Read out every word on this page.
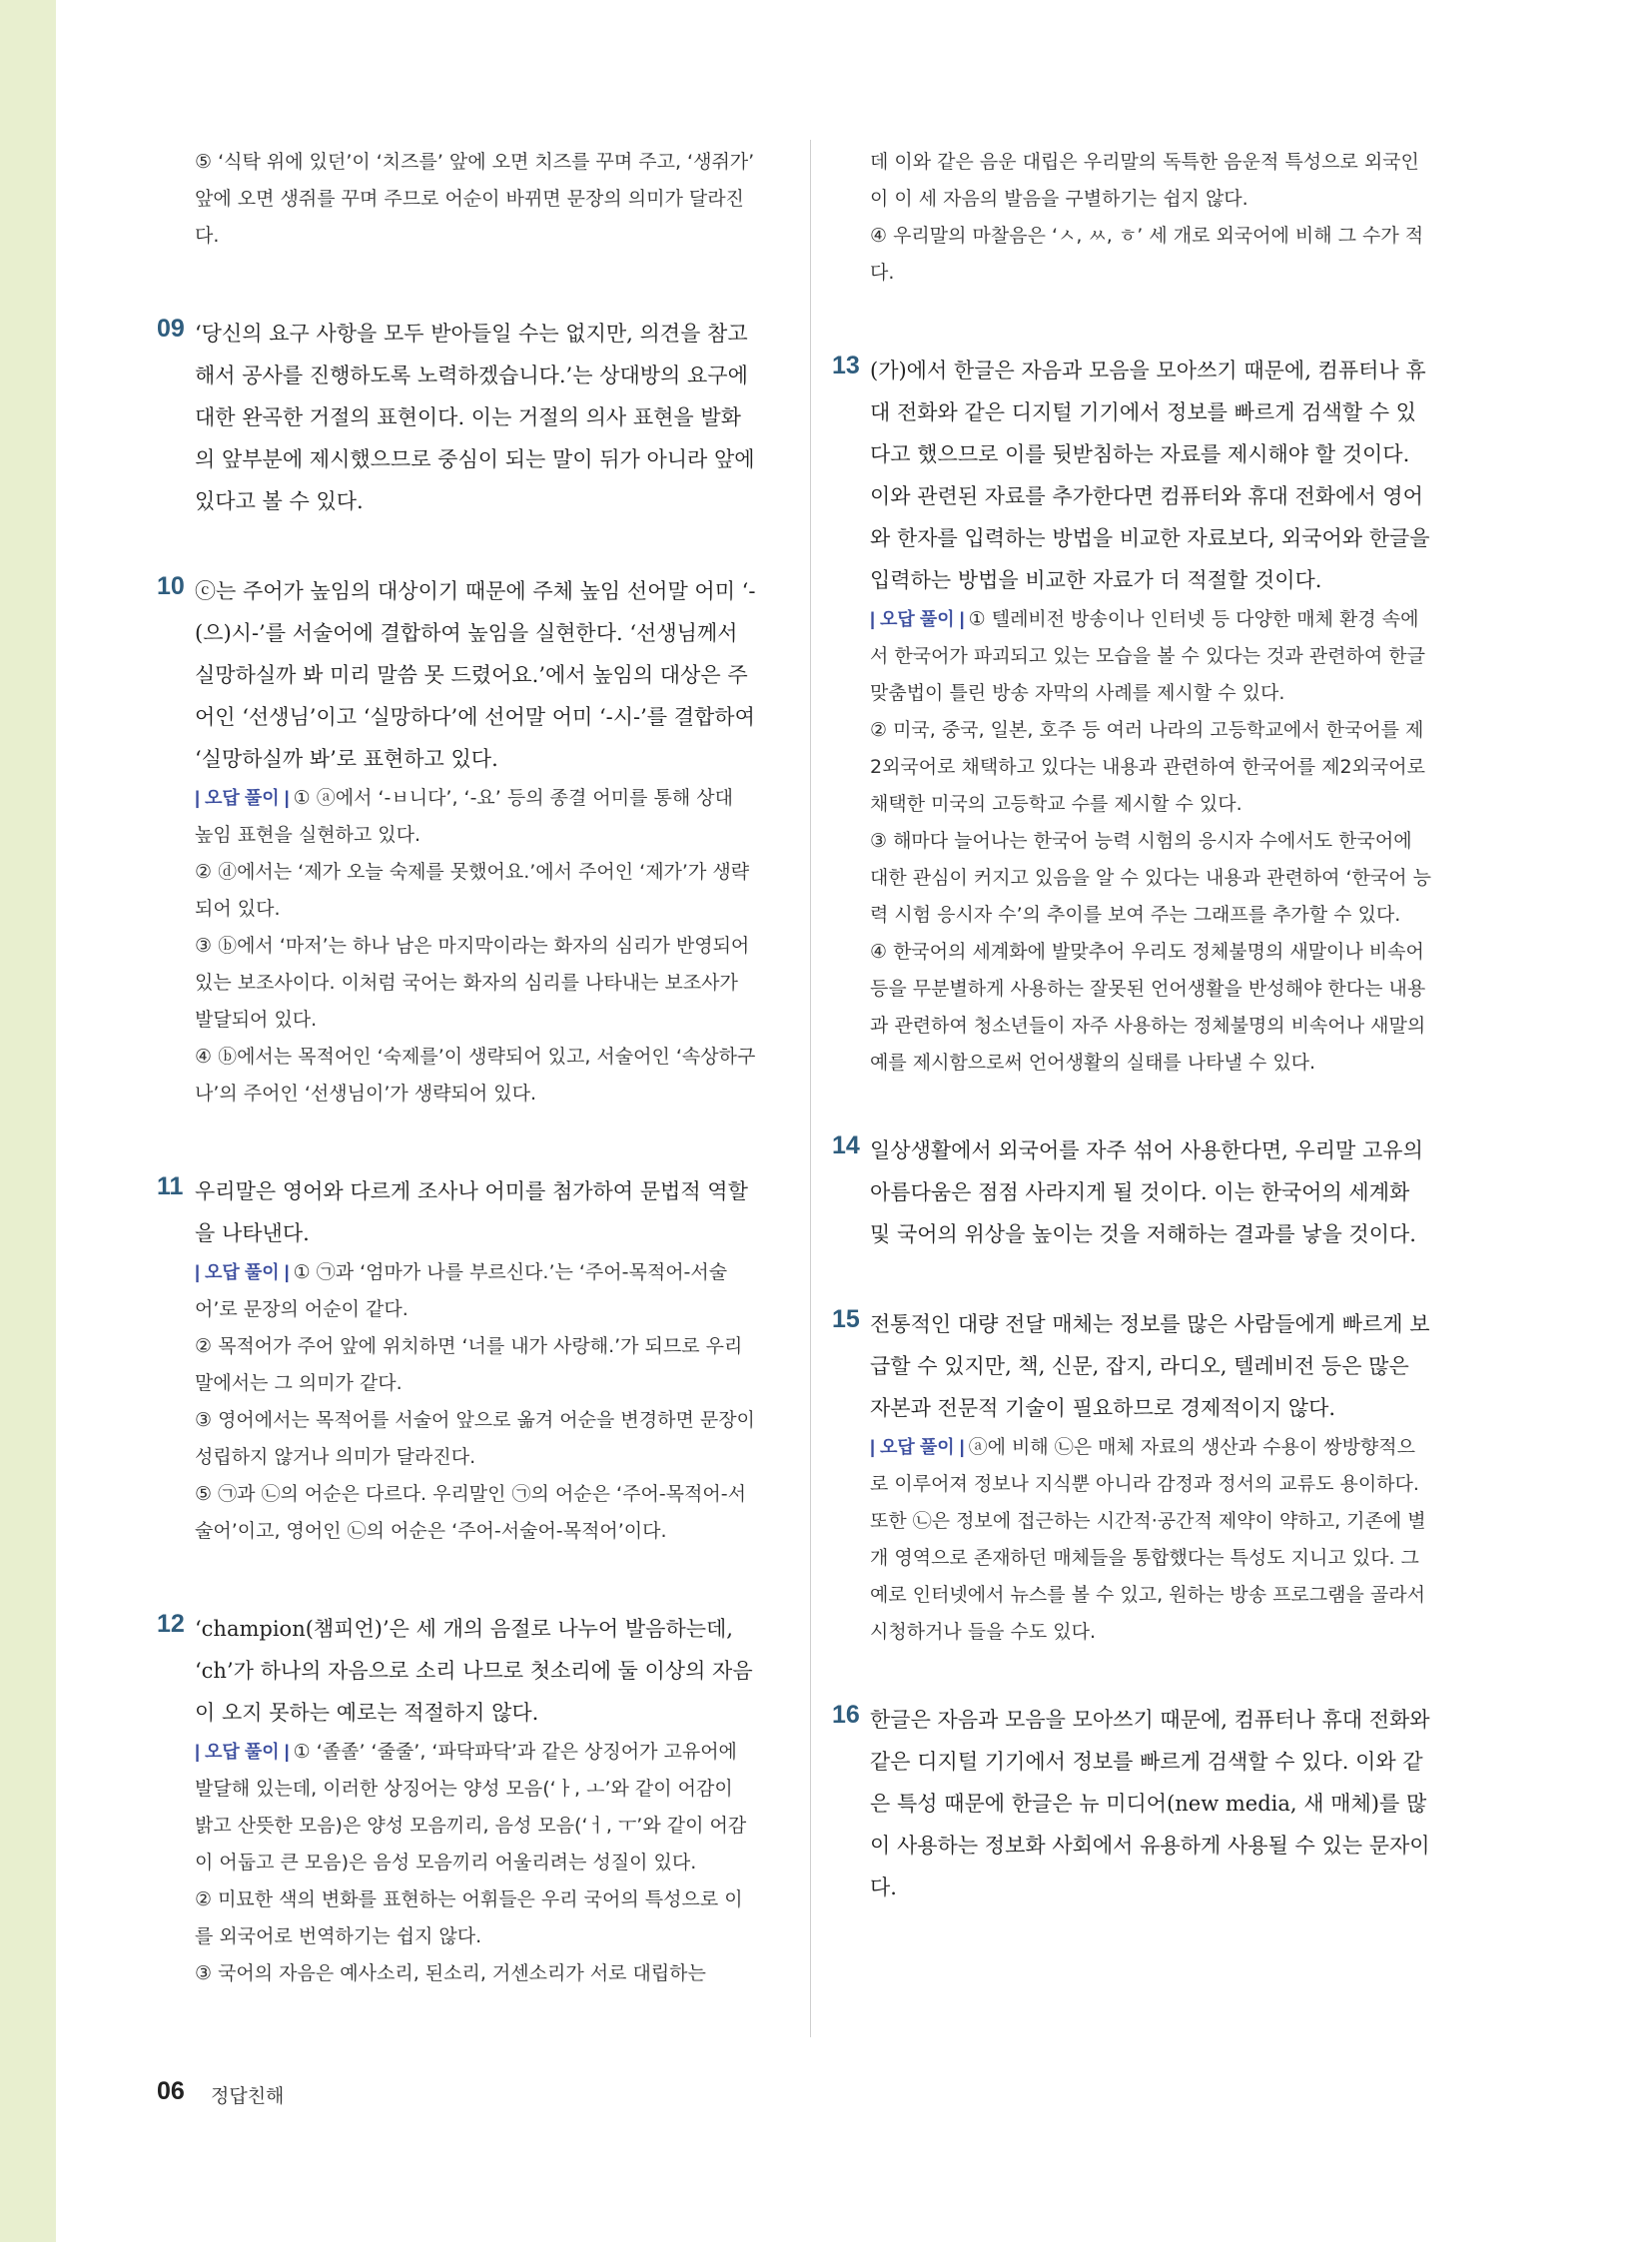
⑤ ‘식탁 위에 있던’이 ‘치즈를’ 앞에 오면 치즈를 꾸며 주고, ‘생쥐가’ 앞에 오면 생쥐를 꾸며 주므로 어순이 바뀌면 문장의 의미가 달라진다.

09 ‘당신의 요구 사항을 모두 받아들일 수는 없지만, 의견을 참고해서 공사를 진행하도록 노력하겠습니다.’는 상대방의 요구에 대한 완곡한 거절의 표현이다. 이는 거절의 의사 표현을 발화의 앞부분에 제시했으므로 중심이 되는 말이 뒤가 아니라 앞에 있다고 볼 수 있다.
10 ⓒ는 주어가 높임의 대상이기 때문에 주체 높임 선어말 어미 ‘-(으)시-’를 서술어에 결합하여 높임을 실현한다. ‘선생님께서 실망하실까 봐 미리 말씀 못 드렸어요.’에서 높임의 대상은 주어인 ‘선생님’이고 ‘실망하다’에 선어말 어미 ‘-시-’를 결합하여 ‘실망하실까 봐’로 표현하고 있다.
| 오답 풀이 | ① ⓐ에서 ‘-ㅂ니다’, ‘-요’ 등의 종결 어미를 통해 상대 높임 표현을 실현하고 있다.
② ⓓ에서는 ‘제가 오늘 숙제를 못했어요.’에서 주어인 ‘제가’가 생략되어 있다.
③ ⓑ에서 ‘마저’는 하나 남은 마지막이라는 화자의 심리가 반영되어 있는 보조사이다. 이처럼 국어는 화자의 심리를 나타내는 보조사가 발달되어 있다.
④ ⓑ에서는 목적어인 ‘숙제를’이 생략되어 있고, 서술어인 ‘속상하구나’의 주어인 ‘선생님이’가 생략되어 있다.
11 우리말은 영어와 다르게 조사나 어미를 첨가하여 문법적 역할을 나타낸다.
| 오답 풀이 | ① ㉠과 ‘엄마가 나를 부르신다.’는 ‘주어-목적어-서술어’로 문장의 어순이 같다.
② 목적어가 주어 앞에 위치하면 ‘너를 내가 사랑해.’가 되므로 우리말에서는 그 의미가 같다.
③ 영어에서는 목적어를 서술어 앞으로 옮겨 어순을 변경하면 문장이 성립하지 않거나 의미가 달라진다.
⑤ ㉠과 ㉡의 어순은 다르다. 우리말인 ㉠의 어순은 ‘주어-목적어-서술어’이고, 영어인 ㉡의 어순은 ‘주어-서술어-목적어’이다.
12 ‘champion(챔피언)’은 세 개의 음절로 나누어 발음하는데, ‘ch’가 하나의 자음으로 소리 나므로 첫소리에 둘 이상의 자음이 오지 못하는 예로는 적절하지 않다.
| 오답 풀이 | ① ‘졸졸’ ‘줄줄’, ‘파닥파닥’과 같은 상징어가 고유어에 발달해 있는데, 이러한 상징어는 양성 모음(‘ㅏ, ㅗ’와 같이 어감이 밝고 산뜻한 모음)은 양성 모음끼리, 음성 모음(‘ㅓ, ㅜ’와 같이 어감이 어둡고 큰 모음)은 음성 모음끼리 어울리려는 성질이 있다.
② 미묘한 색의 변화를 표현하는 어휘들은 우리 국어의 특성으로 이를 외국어로 번역하기는 쉽지 않다.
③ 국어의 자음은 예사소리, 된소리, 거센소리가 서로 대립하는
데 이와 같은 음운 대립은 우리말의 독특한 음운적 특성으로 외국인이 이 세 자음의 발음을 구별하기는 쉽지 않다.
④ 우리말의 마찰음은 ‘ㅅ, ㅆ, ㅎ’ 세 개로 외국어에 비해 그 수가 적다.
13 (가)에서 한글은 자음과 모음을 모아쓰기 때문에, 컴퓨터나 휴대 전화와 같은 디지털 기기에서 정보를 빠르게 검색할 수 있다고 했으므로 이를 뒷받침하는 자료를 제시해야 할 것이다. 이와 관련된 자료를 추가한다면 컴퓨터와 휴대 전화에서 영어와 한자를 입력하는 방법을 비교한 자료보다, 외국어와 한글을 입력하는 방법을 비교한 자료가 더 적절할 것이다.
| 오답 풀이 | ① 텔레비전 방송이나 인터넷 등 다양한 매체 환경 속에서 한국어가 파괴되고 있는 모습을 볼 수 있다는 것과 관련하여 한글 맞춤법이 틀린 방송 자막의 사례를 제시할 수 있다.
② 미국, 중국, 일본, 호주 등 여러 나라의 고등학교에서 한국어를 제2외국어로 채택하고 있다는 내용과 관련하여 한국어를 제2외국어로 채택한 미국의 고등학교 수를 제시할 수 있다.
③ 해마다 늘어나는 한국어 능력 시험의 응시자 수에서도 한국어에 대한 관심이 커지고 있음을 알 수 있다는 내용과 관련하여 ‘한국어 능력 시험 응시자 수’의 추이를 보여 주는 그래프를 추가할 수 있다.
④ 한국어의 세계화에 발맞추어 우리도 정체불명의 새말이나 비속어 등을 무분별하게 사용하는 잘못된 언어생활을 반성해야 한다는 내용과 관련하여 청소년들이 자주 사용하는 정체불명의 비속어나 새말의 예를 제시함으로써 언어생활의 실태를 나타낼 수 있다.
14 일상생활에서 외국어를 자주 섞어 사용한다면, 우리말 고유의 아름다움은 점점 사라지게 될 것이다. 이는 한국어의 세계화 및 국어의 위상을 높이는 것을 저해하는 결과를 낳을 것이다.
15 전통적인 대량 전달 매체는 정보를 많은 사람들에게 빠르게 보급할 수 있지만, 책, 신문, 잡지, 라디오, 텔레비전 등은 많은 자본과 전문적 기술이 필요하므로 경제적이지 않다.
| 오답 풀이 | ⓐ에 비해 ㉡은 매체 자료의 생산과 수용이 쌍방향적으로 이루어져 정보나 지식뿐 아니라 감정과 정서의 교류도 용이하다. 또한 ㉡은 정보에 접근하는 시간적·공간적 제약이 약하고, 기존에 별개 영역으로 존재하던 매체들을 통합했다는 특성도 지니고 있다. 그 예로 인터넷에서 뉴스를 볼 수 있고, 원하는 방송 프로그램을 골라서 시청하거나 들을 수도 있다.
16 한글은 자음과 모음을 모아쓰기 때문에, 컴퓨터나 휴대 전화와 같은 디지털 기기에서 정보를 빠르게 검색할 수 있다. 이와 같은 특성 때문에 한글은 뉴 미디어(new media, 새 매체)를 많이 사용하는 정보화 사회에서 유용하게 사용될 수 있는 문자이다.
06 정답친해
